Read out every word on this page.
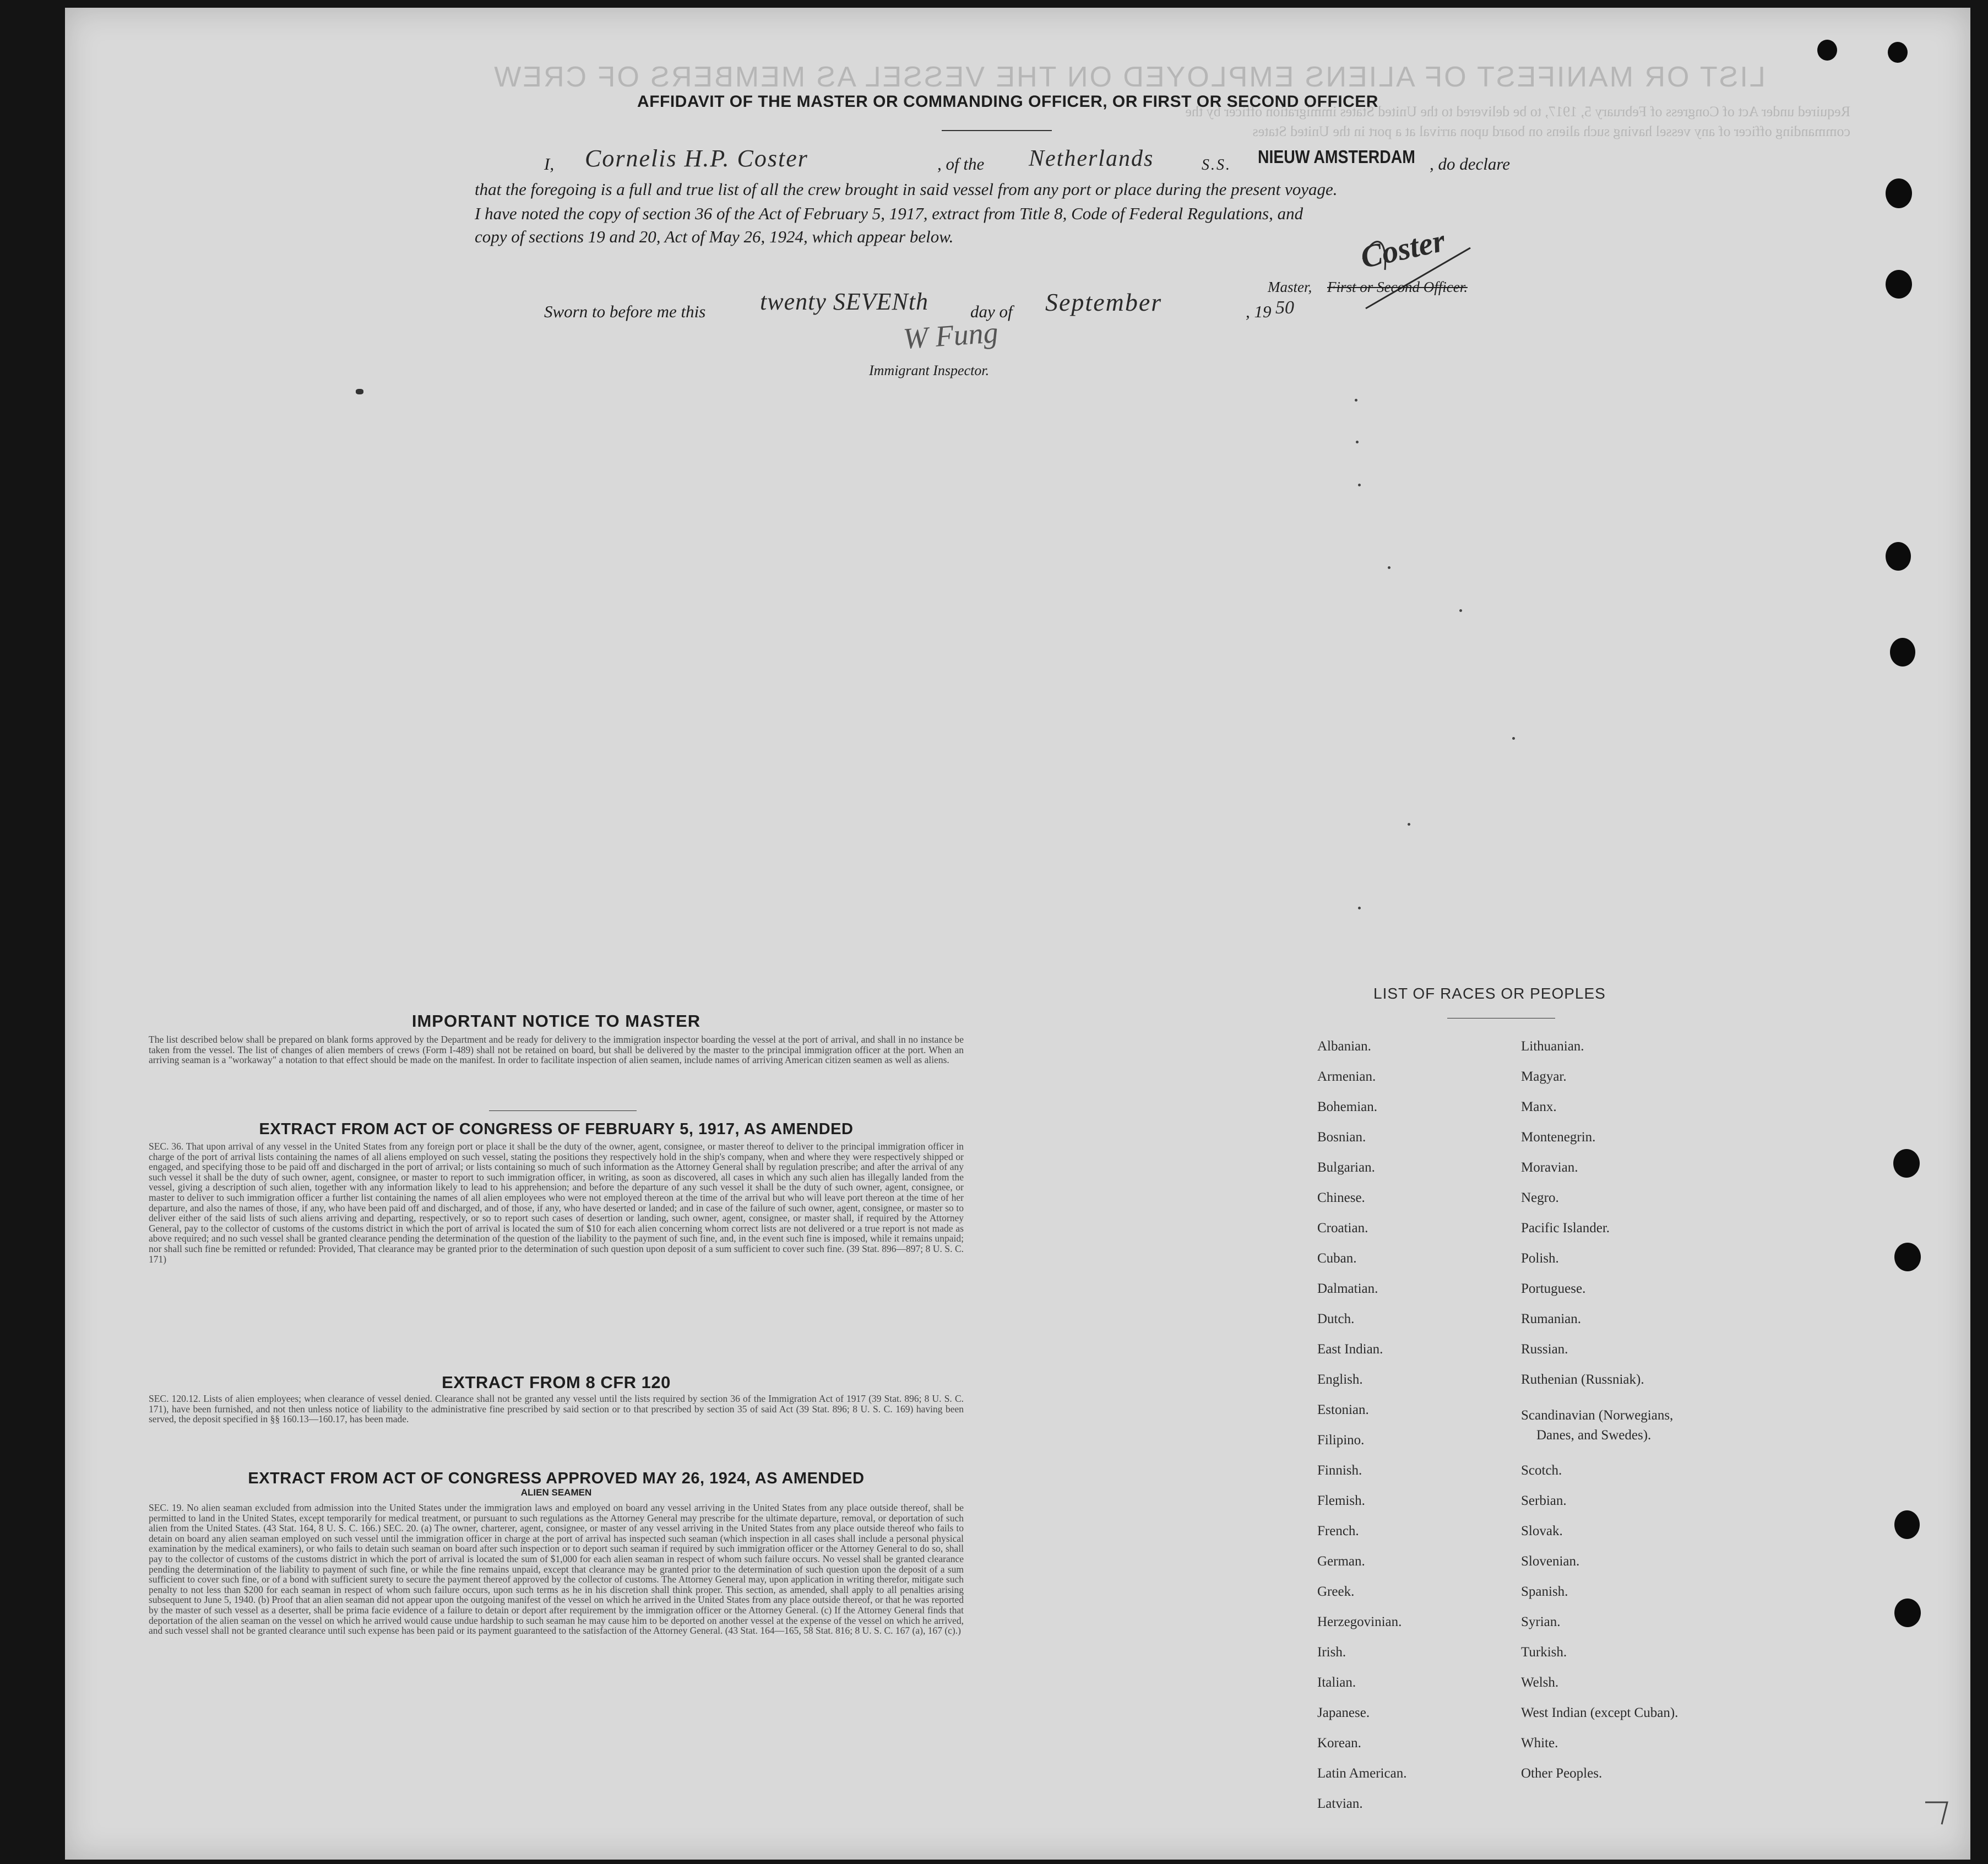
LIST OR MANIFEST OF ALIENS EMPLOYED ON THE VESSEL AS MEMBERS OF CREW
Required under Act of Congress of February 5, 1917, to be delivered to the United States immigration officer by the commanding officer of any vessel having such aliens on board upon arrival at a port in the United States
AFFIDAVIT OF THE MASTER OR COMMANDING OFFICER, OR FIRST OR SECOND OFFICER
I, Cornelis H.P. Coster	, of the Netherlands	S.S. NIEUW AMSTERDAM , do declare
that the foregoing is a full and true list of all the crew brought in said vessel from any port or place during the present voyage.
I have noted the copy of section 36 of the Act of February 5, 1917, extract from Title 8, Code of Federal Regulations, and
copy of sections 19 and 20, Act of May 26, 1924, which appear below.	Coster
Master, First or Second Officer.
Sworn to before me this twenty SEVENth day of September	, 19 50
W Fung
Immigrant Inspector.
IMPORTANT NOTICE TO MASTER
The list described below shall be prepared on blank forms approved by the Department and be ready for delivery to the immigration inspector boarding the vessel at the port of arrival, and shall in no instance be taken from the vessel. The list of changes of alien members of crews (Form I-489) shall not be retained on board, but shall be delivered by the master to the principal immigration officer at the port. When an arriving seaman is a "workaway" a notation to that effect should be made on the manifest. In order to facilitate inspection of alien seamen, include names of arriving American citizen seamen as well as aliens.
EXTRACT FROM ACT OF CONGRESS OF FEBRUARY 5, 1917, AS AMENDED
SEC. 36. That upon arrival of any vessel in the United States from any foreign port or place it shall be the duty of the owner, agent, consignee, or master thereof to deliver to the principal immigration officer in charge of the port of arrival lists containing the names of all aliens employed on such vessel, stating the positions they respectively hold in the ship's company, when and where they were respectively shipped or engaged, and specifying those to be paid off and discharged in the port of arrival; or lists containing so much of such information as the Attorney General shall by regulation prescribe; and after the arrival of any such vessel it shall be the duty of such owner, agent, consignee, or master to report to such immigration officer, in writing, as soon as discovered, all cases in which any such alien has illegally landed from the vessel, giving a description of such alien, together with any information likely to lead to his apprehension; and before the departure of any such vessel it shall be the duty of such owner, agent, consignee, or master to deliver to such immigration officer a further list containing the names of all alien employees who were not employed thereon at the time of the arrival but who will leave port thereon at the time of her departure, and also the names of those, if any, who have been paid off and discharged, and of those, if any, who have deserted or landed; and in case of the failure of such owner, agent, consignee, or master so to deliver either of the said lists of such aliens arriving and departing, respectively, or so to report such cases of desertion or landing, such owner, agent, consignee, or master shall, if required by the Attorney General, pay to the collector of customs of the customs district in which the port of arrival is located the sum of $10 for each alien concerning whom correct lists are not delivered or a true report is not made as above required; and no such vessel shall be granted clearance pending the determination of the question of the liability to the payment of such fine, and, in the event such fine is imposed, while it remains unpaid; nor shall such fine be remitted or refunded: Provided, That clearance may be granted prior to the determination of such question upon deposit of a sum sufficient to cover such fine. (39 Stat. 896—897; 8 U. S. C. 171)
EXTRACT FROM 8 CFR 120
SEC. 120.12. Lists of alien employees; when clearance of vessel denied. Clearance shall not be granted any vessel until the lists required by section 36 of the Immigration Act of 1917 (39 Stat. 896; 8 U. S. C. 171), have been furnished, and not then unless notice of liability to the administrative fine prescribed by said section or to that prescribed by section 35 of said Act (39 Stat. 896; 8 U. S. C. 169) having been served, the deposit specified in §§ 160.13—160.17, has been made.
EXTRACT FROM ACT OF CONGRESS APPROVED MAY 26, 1924, AS AMENDED
ALIEN SEAMEN
SEC. 19. No alien seaman excluded from admission into the United States under the immigration laws and employed on board any vessel arriving in the United States from any place outside thereof, shall be permitted to land in the United States, except temporarily for medical treatment, or pursuant to such regulations as the Attorney General may prescribe for the ultimate departure, removal, or deportation of such alien from the United States. (43 Stat. 164, 8 U. S. C. 166.) SEC. 20. (a) The owner, charterer, agent, consignee, or master of any vessel arriving in the United States from any place outside thereof who fails to detain on board any alien seaman employed on such vessel until the immigration officer in charge at the port of arrival has inspected such seaman (which inspection in all cases shall include a personal physical examination by the medical examiners), or who fails to detain such seaman on board after such inspection or to deport such seaman if required by such immigration officer or the Attorney General to do so, shall pay to the collector of customs of the customs district in which the port of arrival is located the sum of $1,000 for each alien seaman in respect of whom such failure occurs. No vessel shall be granted clearance pending the determination of the liability to payment of such fine, or while the fine remains unpaid, except that clearance may be granted prior to the determination of such question upon the deposit of a sum sufficient to cover such fine, or of a bond with sufficient surety to secure the payment thereof approved by the collector of customs. The Attorney General may, upon application in writing therefor, mitigate such penalty to not less than $200 for each seaman in respect of whom such failure occurs, upon such terms as he in his discretion shall think proper. This section, as amended, shall apply to all penalties arising subsequent to June 5, 1940. (b) Proof that an alien seaman did not appear upon the outgoing manifest of the vessel on which he arrived in the United States from any place outside thereof, or that he was reported by the master of such vessel as a deserter, shall be prima facie evidence of a failure to detain or deport after requirement by the immigration officer or the Attorney General. (c) If the Attorney General finds that deportation of the alien seaman on the vessel on which he arrived would cause undue hardship to such seaman he may cause him to be deported on another vessel at the expense of the vessel on which he arrived, and such vessel shall not be granted clearance until such expense has been paid or its payment guaranteed to the satisfaction of the Attorney General. (43 Stat. 164—165, 58 Stat. 816; 8 U. S. C. 167 (a), 167 (c).)
LIST OF RACES OR PEOPLES
Albanian.
Armenian.
Bohemian.
Bosnian.
Bulgarian.
Chinese.
Croatian.
Cuban.
Dalmatian.
Dutch.
East Indian.
English.
Estonian.
Filipino.
Finnish.
Flemish.
French.
German.
Greek.
Herzegovinian.
Irish.
Italian.
Japanese.
Korean.
Latin American.
Latvian.
Lithuanian.
Magyar.
Manx.
Montenegrin.
Moravian.
Negro.
Pacific Islander.
Polish.
Portuguese.
Rumanian.
Russian.
Ruthenian (Russniak).
Scandinavian (Norwegians,
Danes, and Swedes).
Scotch.
Serbian.
Slovak.
Slovenian.
Spanish.
Syrian.
Turkish.
Welsh.
West Indian (except Cuban).
White.
Other Peoples.
